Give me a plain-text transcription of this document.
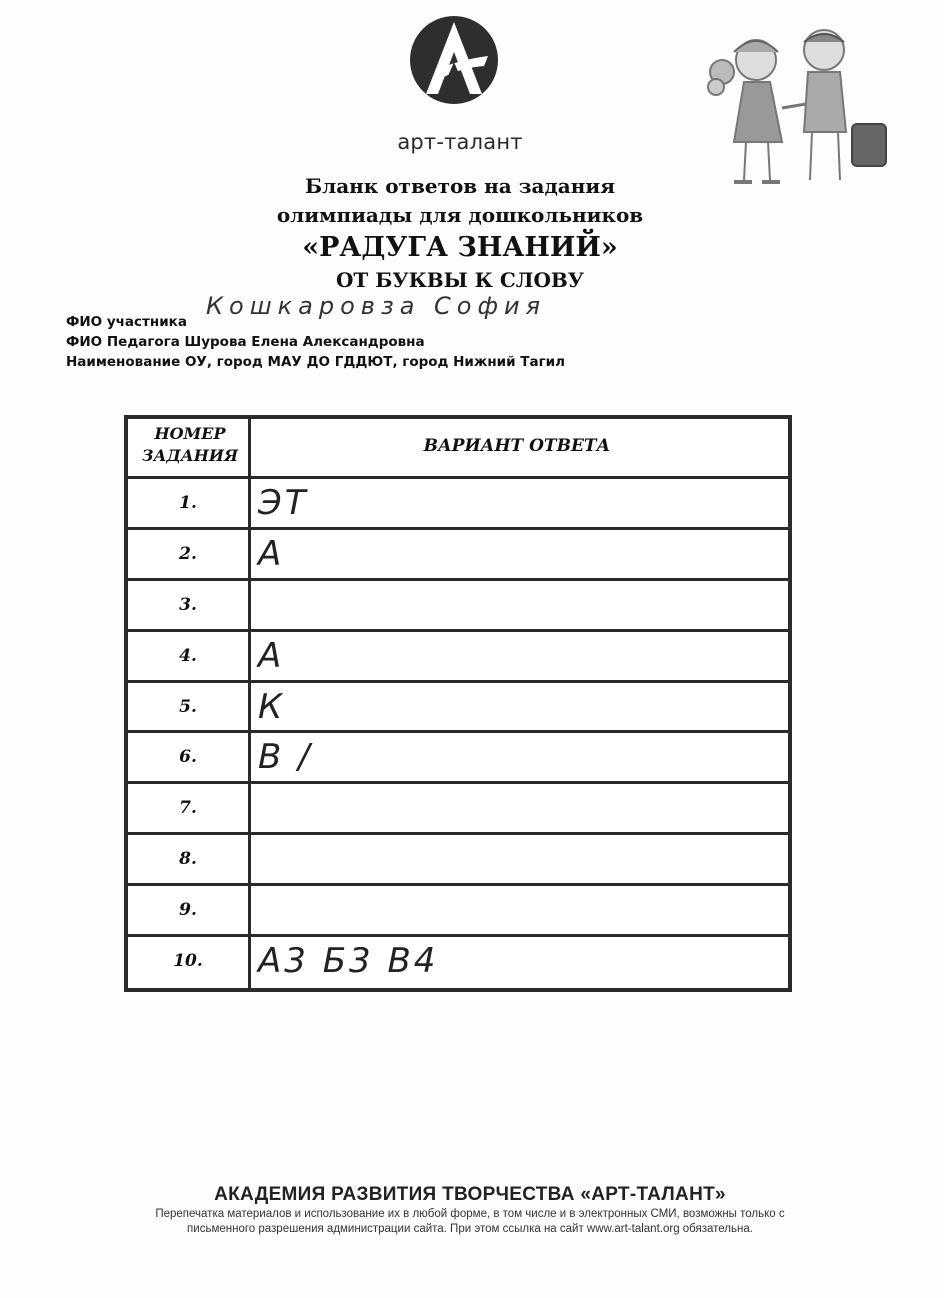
арт-талант
Бланк ответов на задания
олимпиады для дошкольников
«РАДУГА ЗНАНИЙ»
ОТ БУКВЫ К СЛОВУ
ФИО участника
Кошкаровза София
ФИО Педагога Шурова Елена Александровна
Наименование ОУ, город МАУ ДО ГДДЮТ, город Нижний Тагил
НОМЕР ЗАДАНИЯ	ВАРИАНТ ОТВЕТА
1.	ЭТ
2.	А
3.
4.	А
5.	К
6.	В /
7.
8.
9.
10.	А3 Б3 В4
АКАДЕМИЯ РАЗВИТИЯ ТВОРЧЕСТВА «АРТ-ТАЛАНТ»
Перепечатка материалов и использование их в любой форме, в том числе и в электронных СМИ, возможны только с
письменного разрешения администрации сайта. При этом ссылка на сайт www.art-talant.org обязательна.
